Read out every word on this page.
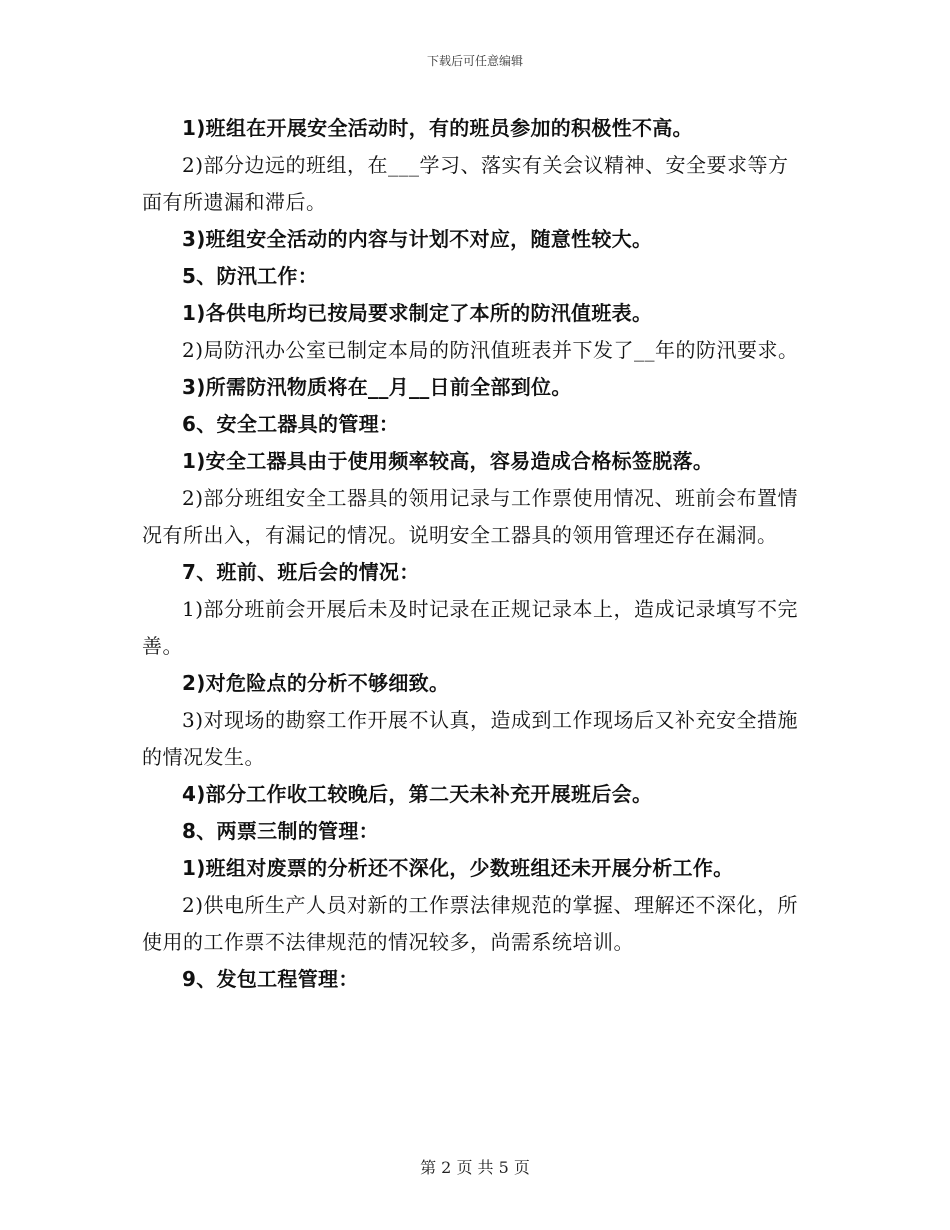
下载后可任意编辑

1)班组在开展安全活动时，有的班员参加的积极性不高。

2)部分边远的班组，在___学习、落实有关会议精神、安全要求等方面有所遗漏和滞后。

3)班组安全活动的内容与计划不对应，随意性较大。

5、防汛工作：

1)各供电所均已按局要求制定了本所的防汛值班表。

2)局防汛办公室已制定本局的防汛值班表并下发了__年的防汛要求。

3)所需防汛物质将在__月__日前全部到位。

6、安全工器具的管理：

1)安全工器具由于使用频率较高，容易造成合格标签脱落。

2)部分班组安全工器具的领用记录与工作票使用情况、班前会布置情况有所出入，有漏记的情况。说明安全工器具的领用管理还存在漏洞。

7、班前、班后会的情况：

1)部分班前会开展后未及时记录在正规记录本上，造成记录填写不完善。

2)对危险点的分析不够细致。

3)对现场的勘察工作开展不认真，造成到工作现场后又补充安全措施的情况发生。

4)部分工作收工较晚后，第二天未补充开展班后会。

8、两票三制的管理：

1)班组对废票的分析还不深化，少数班组还未开展分析工作。

2)供电所生产人员对新的工作票法律规范的掌握、理解还不深化，所使用的工作票不法律规范的情况较多，尚需系统培训。

9、发包工程管理：

第 2 页 共 5 页
